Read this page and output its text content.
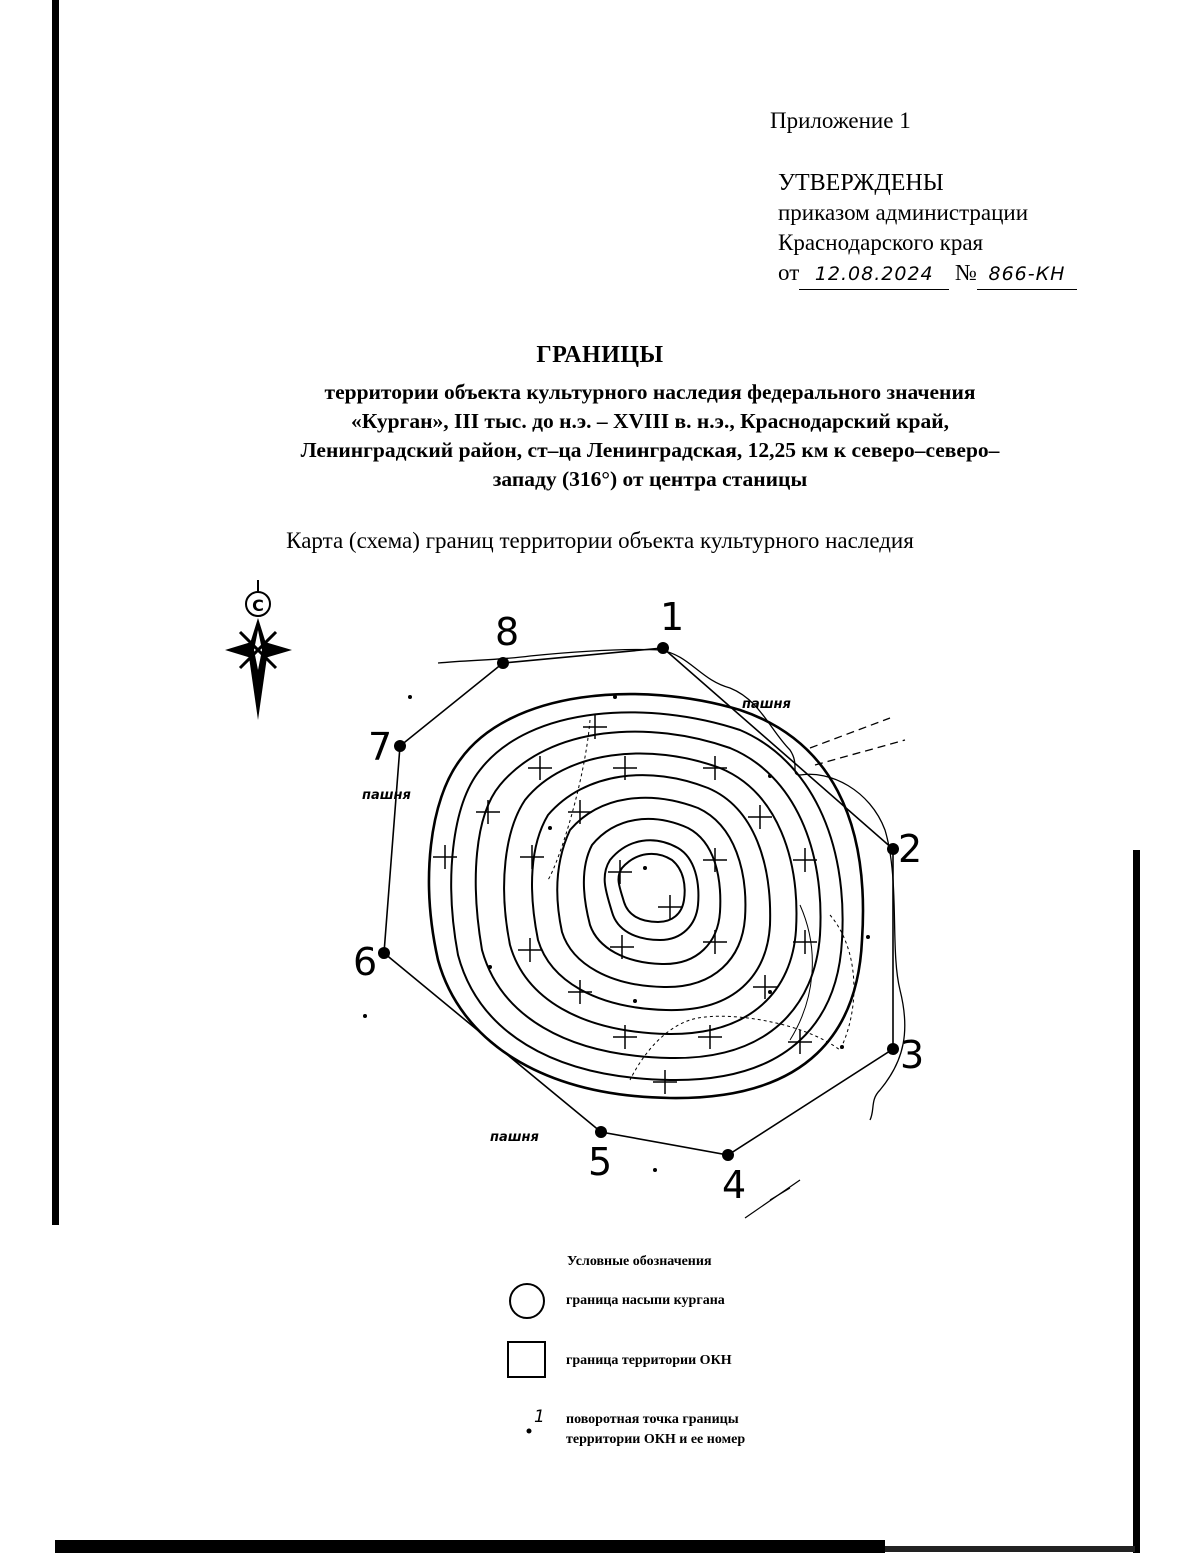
Приложение 1
УТВЕРЖДЕНЫ
приказом администрации
Краснодарского края
от 12.08.2024 № 866-КН
ГРАНИЦЫ
территории объекта культурного наследия федерального значения
«Курган», III тыс. до н.э. – XVIII в. н.э., Краснодарский край,
Ленинградский район, ст–ца Ленинградская, 12,25 км к северо–северо–
западу (316°) от центра станицы
Карта (схема) границ территории объекта культурного наследия
С	1
2
3
4
5
6
7
8
пашня
пашня
пашня
Условные обозначения
граница насыпи кургана
граница территории ОКН
1 поворотная точка границы
территории ОКН и ее номер
